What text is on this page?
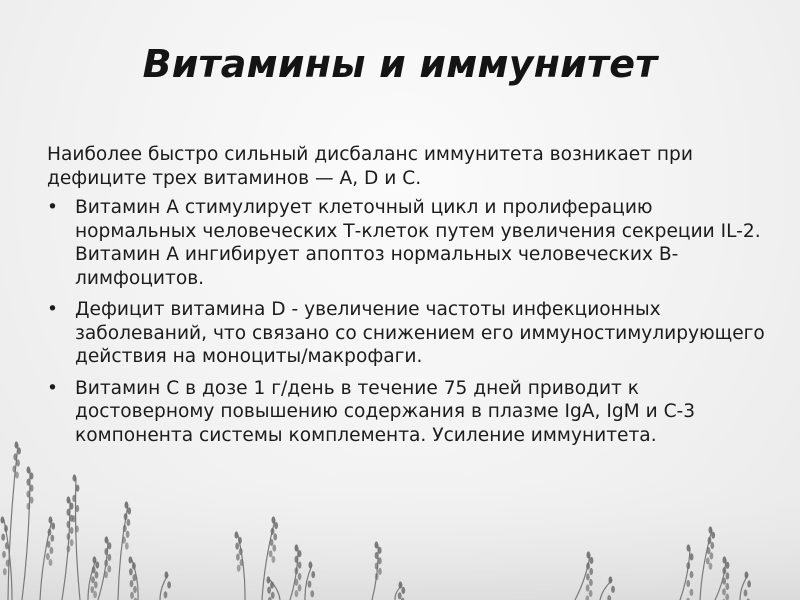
Витамины и иммунитет

Наиболее быстро сильный дисбаланс иммунитета возникает при дефиците трех витаминов — A, D и C.

• Витамин А стимулирует клеточный цикл и пролиферацию нормальных человеческих Т-клеток путем увеличения секреции IL-2. Витамин А ингибирует апоптоз нормальных человеческих B-лимфоцитов.
• Дефицит витамина D - увеличение частоты инфекционных заболеваний, что связано со снижением его иммуностимулирующего действия на моноциты/макрофаги.
• Витамин С в дозе 1 г/день в течение 75 дней приводит к достоверному повышению содержания в плазме IgA, IgM и С-3 компонента системы комплемента. Усиление иммунитета.
